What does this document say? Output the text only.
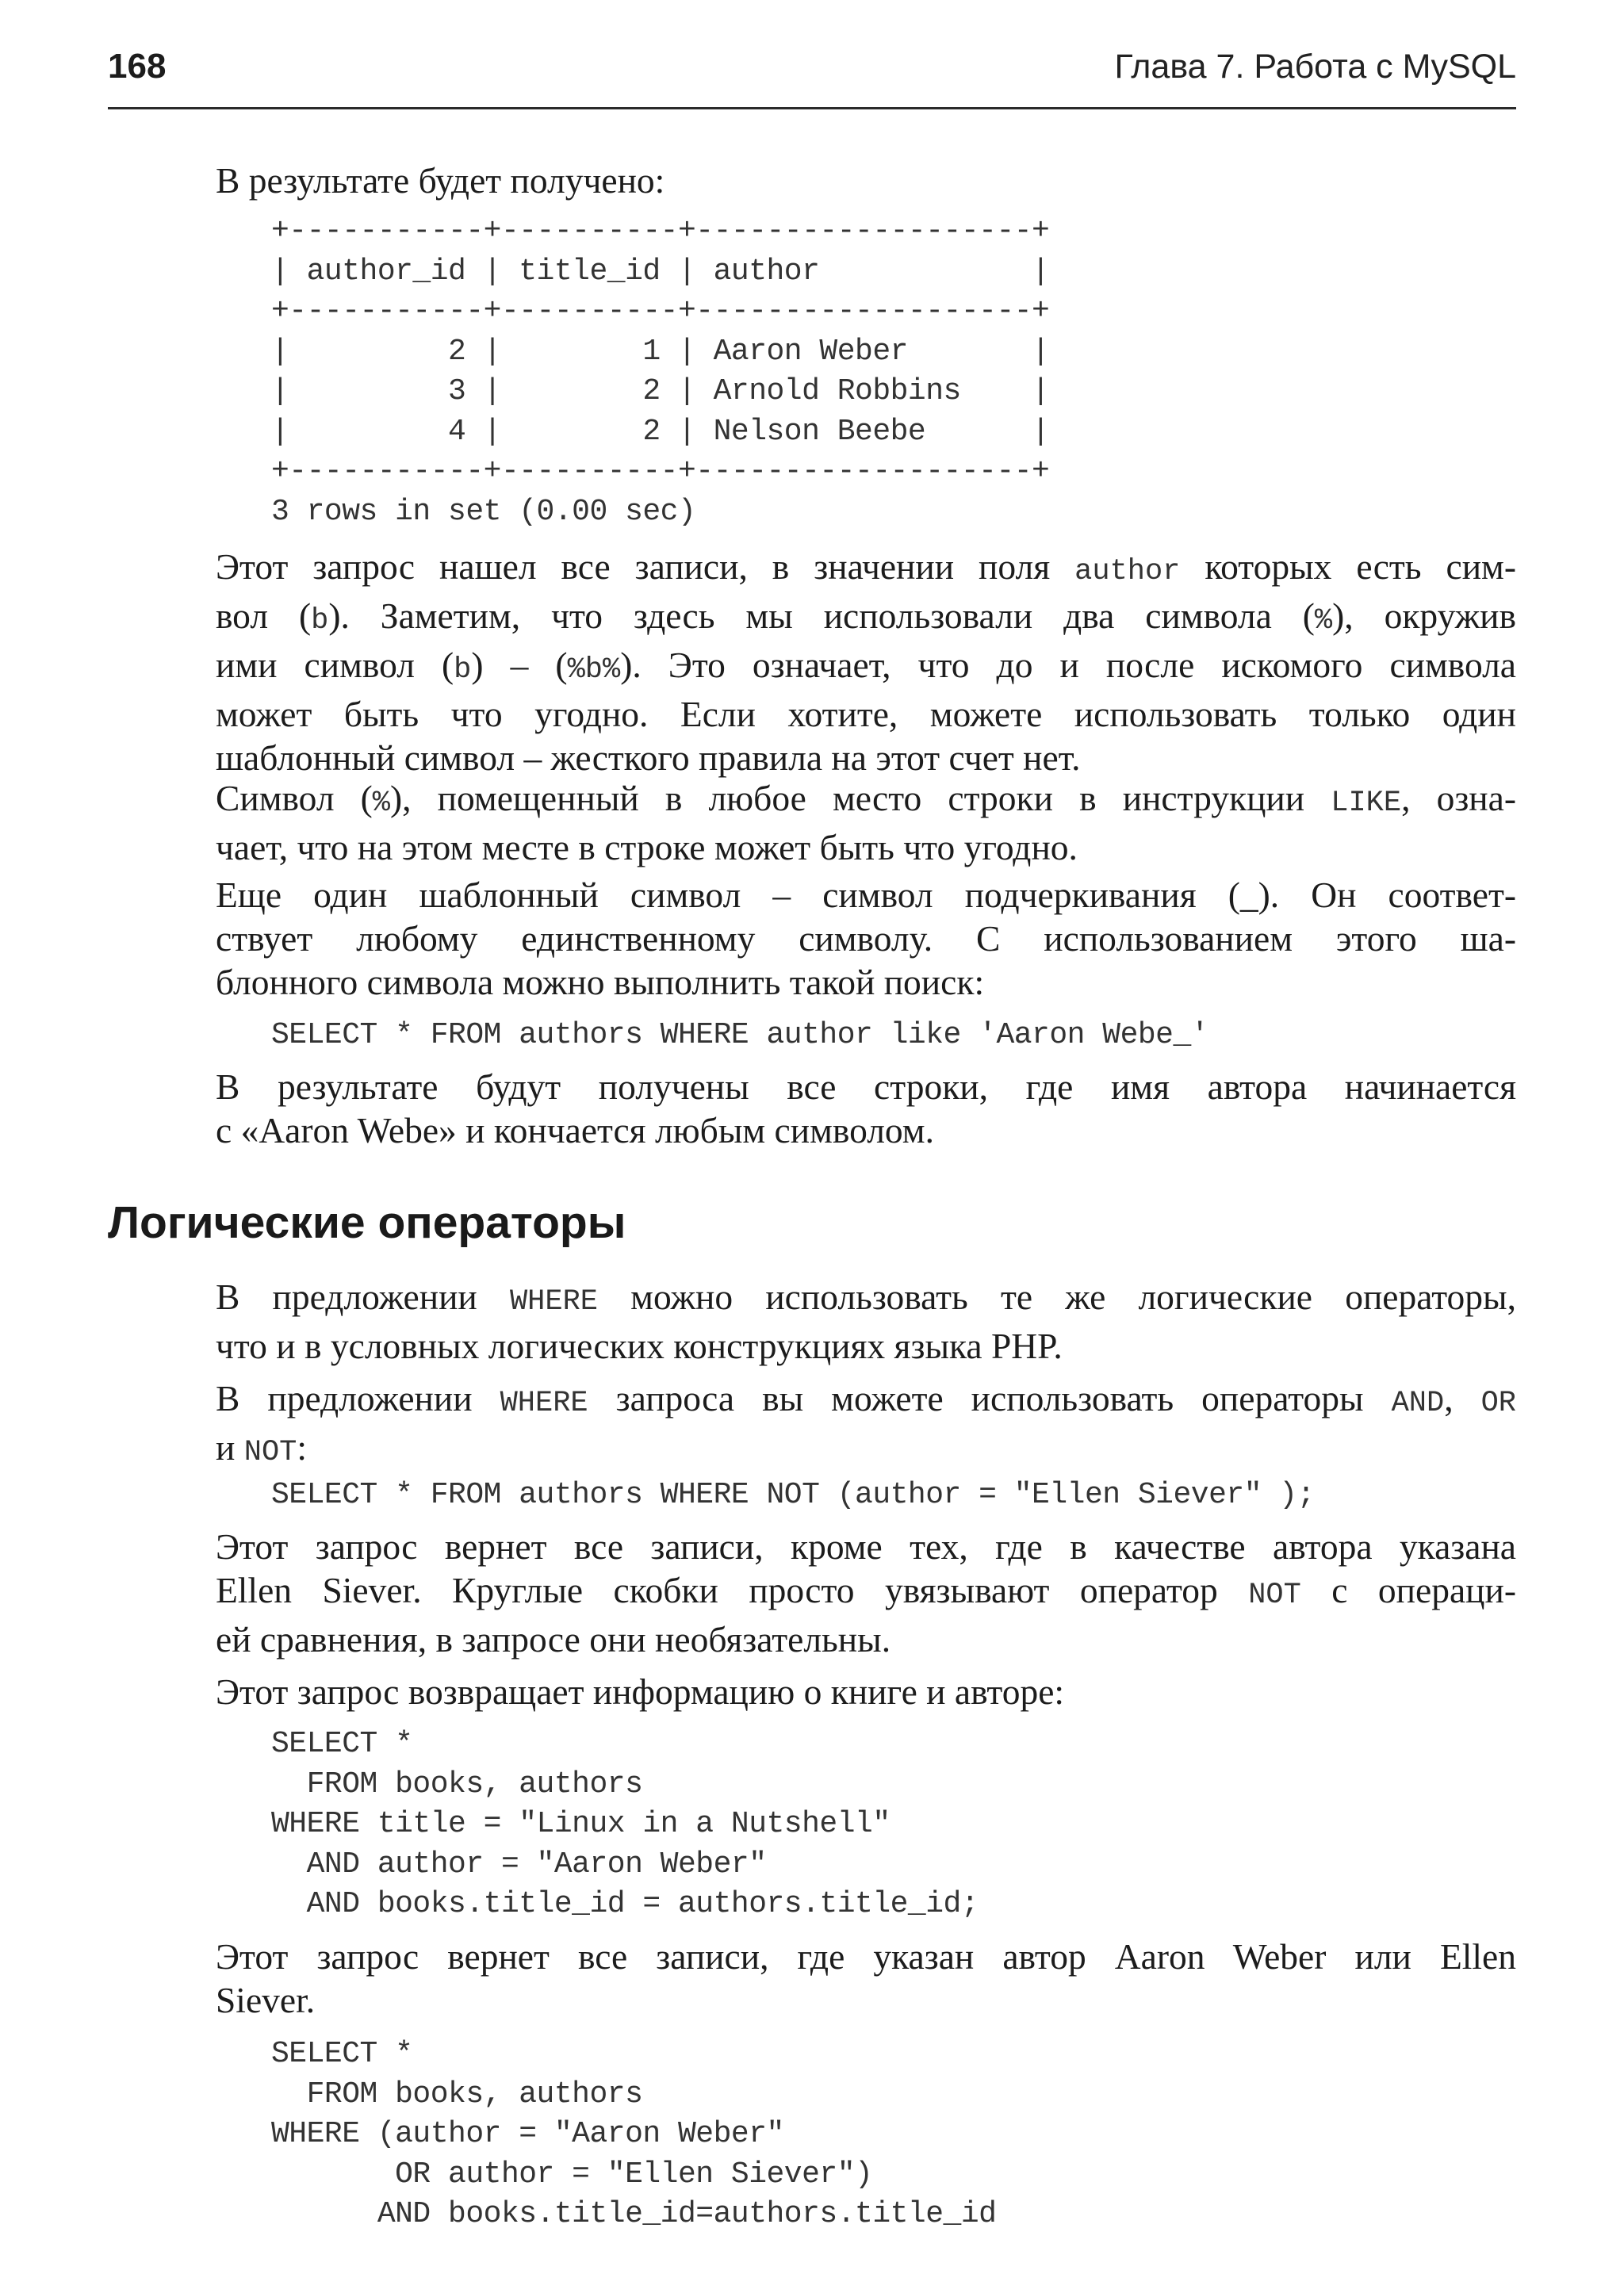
168	Глава 7. Работа с MySQL

В результате будет получено:

+-----------+----------+-------------------+
| author_id | title_id | author            |
+-----------+----------+-------------------+
|         2 |        1 | Aaron Weber       |
|         3 |        2 | Arnold Robbins    |
|         4 |        2 | Nelson Beebe      |
+-----------+----------+-------------------+
3 rows in set (0.00 sec)

Этот запрос нашел все записи, в значении поля author которых есть сим-
вол (b). Заметим, что здесь мы использовали два символа (%), окружив
ими символ (b) – (%b%). Это означает, что до и после искомого символа
может быть что угодно. Если хотите, можете использовать только один
шаблонный символ – жесткого правила на этот счет нет.

Символ (%), помещенный в любое место строки в инструкции LIKE, озна-
чает, что на этом месте в строке может быть что угодно.

Еще один шаблонный символ – символ подчеркивания (_). Он соответ-
ствует любому единственному символу. С использованием этого ша-
блонного символа можно выполнить такой поиск:

SELECT * FROM authors WHERE author like 'Aaron Webe_'

В результате будут получены все строки, где имя автора начинается
с «Aaron Webe» и кончается любым символом.

Логические операторы

В предложении WHERE можно использовать те же логические операторы,
что и в условных логических конструкциях языка PHP.

В предложении WHERE запроса вы можете использовать операторы AND, OR
и NOT:

SELECT * FROM authors WHERE NOT (author = "Ellen Siever" );

Этот запрос вернет все записи, кроме тех, где в качестве автора указана
Ellen Siever. Круглые скобки просто увязывают оператор NOT с операци-
ей сравнения, в запросе они необязательны.

Этот запрос возвращает информацию о книге и авторе:

SELECT *
FROM books, authors
WHERE title = "Linux in a Nutshell"
AND author = "Aaron Weber"
AND books.title_id = authors.title_id;

Этот запрос вернет все записи, где указан автор Aaron Weber или Ellen
Siever.

SELECT *
FROM books, authors
WHERE (author = "Aaron Weber"
OR author = "Ellen Siever")
AND books.title_id=authors.title_id
